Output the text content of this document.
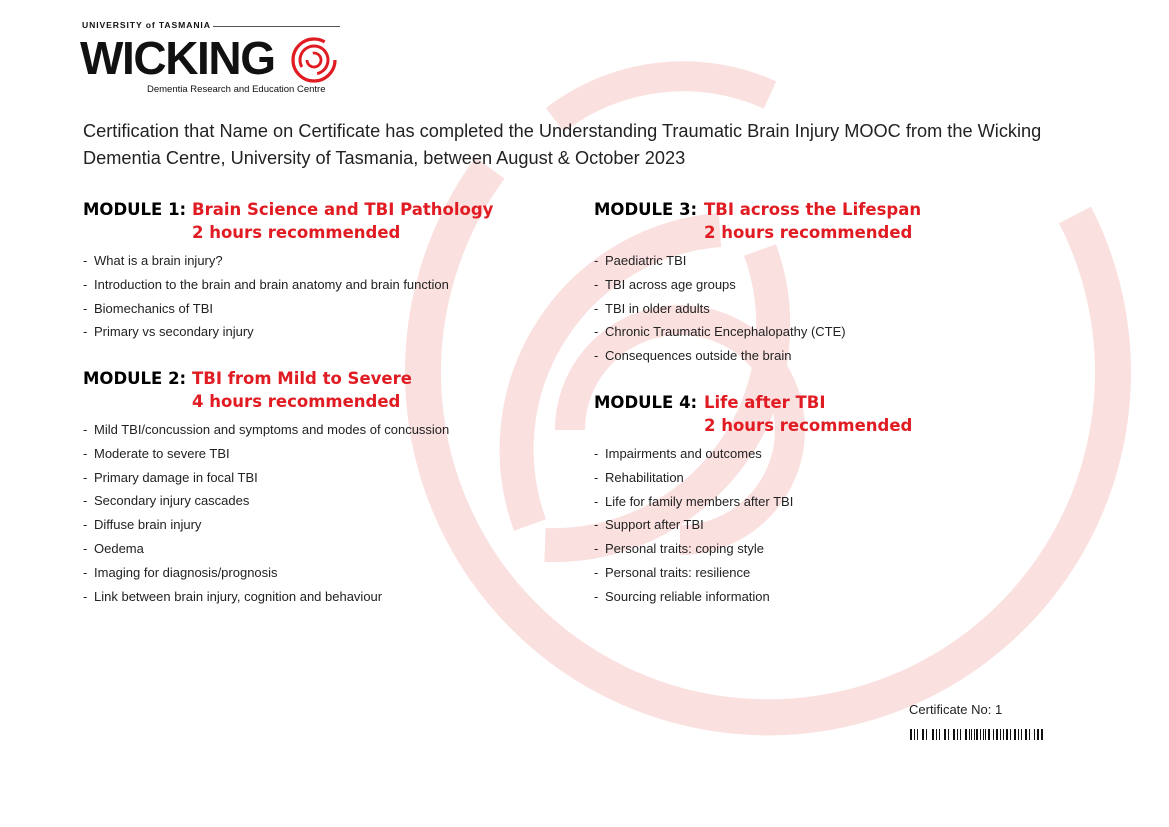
UNIVERSITY of TASMANIA
WICKING
Dementia Research and Education Centre
Certification that Name on Certificate has completed the Understanding Traumatic Brain Injury MOOC from the Wicking Dementia Centre, University of Tasmania, between August & October 2023
MODULE 1: Brain Science and TBI Pathology
2 hours recommended
- What is a brain injury?
- Introduction to the brain and brain anatomy and brain function
- Biomechanics of TBI
- Primary vs secondary injury
MODULE 2: TBI from Mild to Severe
4 hours recommended
- Mild TBI/concussion and symptoms and modes of concussion
- Moderate to severe TBI
- Primary damage in focal TBI
- Secondary injury cascades
- Diffuse brain injury
- Oedema
- Imaging for diagnosis/prognosis
- Link between brain injury, cognition and behaviour
MODULE 3: TBI across the Lifespan
2 hours recommended
- Paediatric TBI
- TBI across age groups
- TBI in older adults
- Chronic Traumatic Encephalopathy (CTE)
- Consequences outside the brain
MODULE 4: Life after TBI
2 hours recommended
- Impairments and outcomes
- Rehabilitation
- Life for family members after TBI
- Support after TBI
- Personal traits: coping style
- Personal traits: resilience
- Sourcing reliable information
Certificate No: 1
